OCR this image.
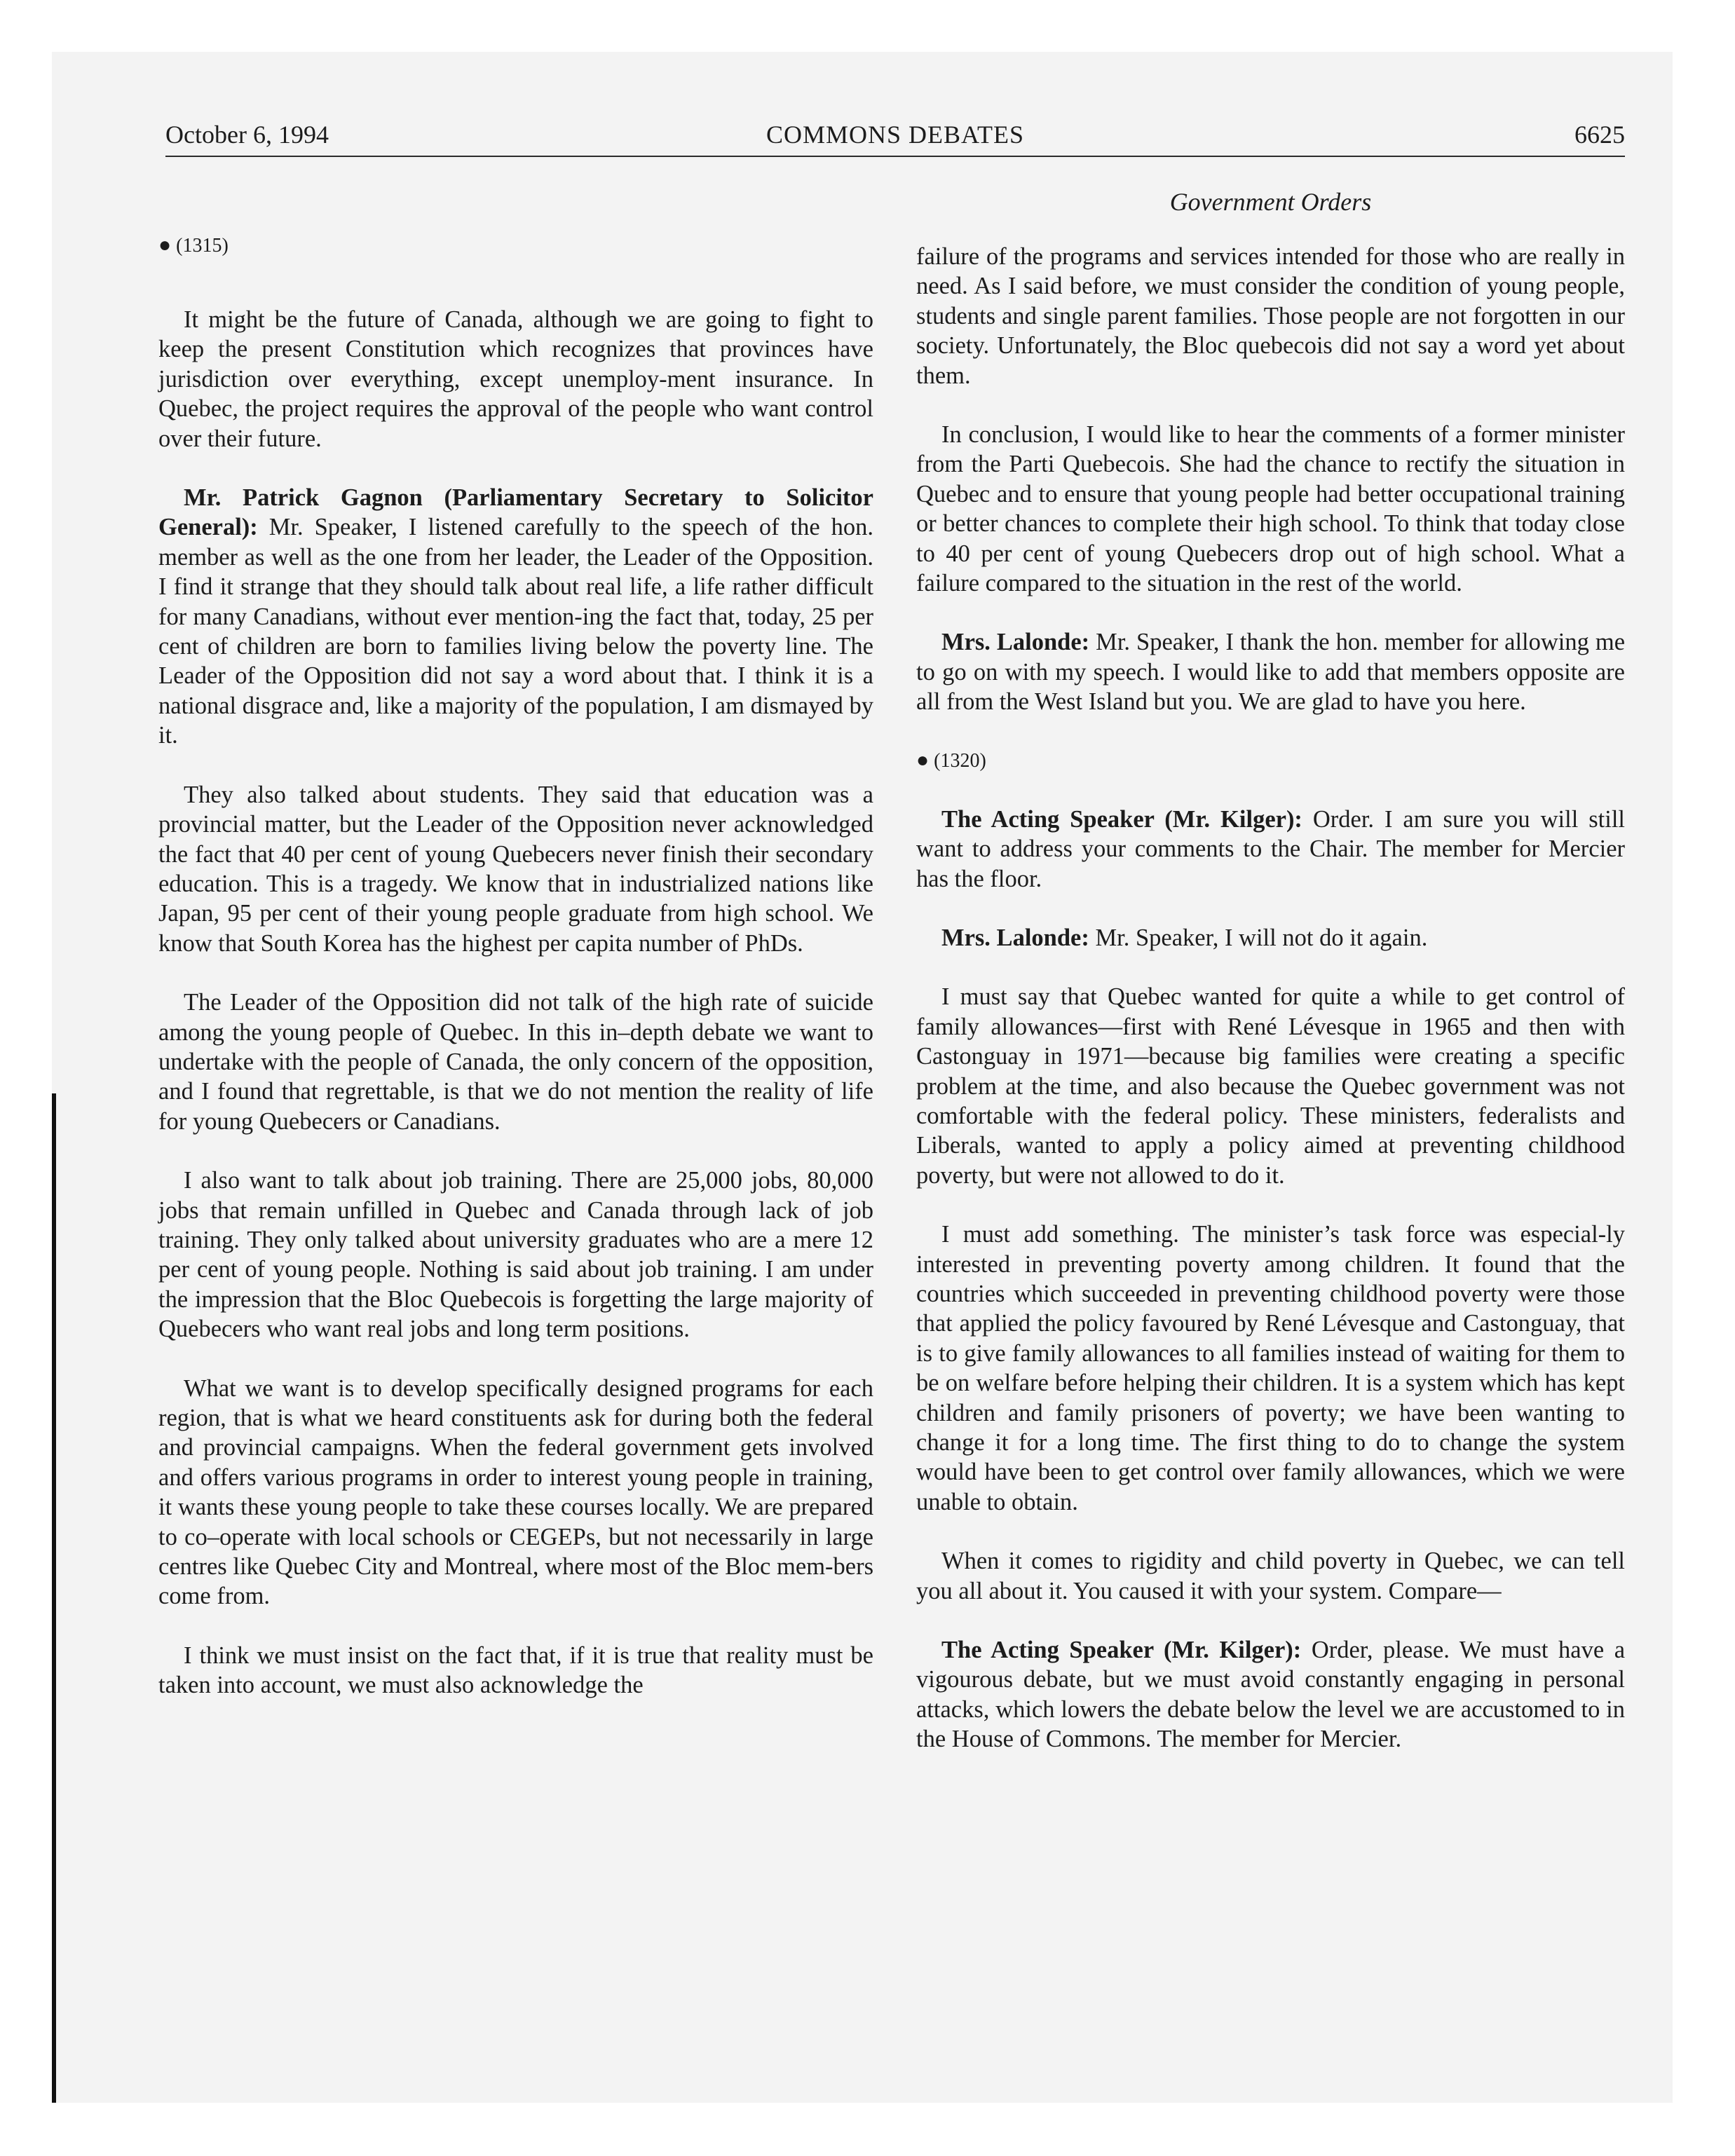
October 6, 1994	COMMONS DEBATES	6625
Government Orders

● (1315)

It might be the future of Canada, although we are going to fight to keep the present Constitution which recognizes that provinces have jurisdiction over everything, except unemploy-ment insurance. In Quebec, the project requires the approval of the people who want control over their future.

Mr. Patrick Gagnon (Parliamentary Secretary to Solicitor General): Mr. Speaker, I listened carefully to the speech of the hon. member as well as the one from her leader, the Leader of the Opposition. I find it strange that they should talk about real life, a life rather difficult for many Canadians, without ever mention-ing the fact that, today, 25 per cent of children are born to families living below the poverty line. The Leader of the Opposition did not say a word about that. I think it is a national disgrace and, like a majority of the population, I am dismayed by it.

They also talked about students. They said that education was a provincial matter, but the Leader of the Opposition never acknowledged the fact that 40 per cent of young Quebecers never finish their secondary education. This is a tragedy. We know that in industrialized nations like Japan, 95 per cent of their young people graduate from high school. We know that South Korea has the highest per capita number of PhDs.

The Leader of the Opposition did not talk of the high rate of suicide among the young people of Quebec. In this in–depth debate we want to undertake with the people of Canada, the only concern of the opposition, and I found that regrettable, is that we do not mention the reality of life for young Quebecers or Canadians.

I also want to talk about job training. There are 25,000 jobs, 80,000 jobs that remain unfilled in Quebec and Canada through lack of job training. They only talked about university graduates who are a mere 12 per cent of young people. Nothing is said about job training. I am under the impression that the Bloc Quebecois is forgetting the large majority of Quebecers who want real jobs and long term positions.

What we want is to develop specifically designed programs for each region, that is what we heard constituents ask for during both the federal and provincial campaigns. When the federal government gets involved and offers various programs in order to interest young people in training, it wants these young people to take these courses locally. We are prepared to co–operate with local schools or CEGEPs, but not necessarily in large centres like Quebec City and Montreal, where most of the Bloc mem-bers come from.

I think we must insist on the fact that, if it is true that reality must be taken into account, we must also acknowledge the

failure of the programs and services intended for those who are really in need. As I said before, we must consider the condition of young people, students and single parent families. Those people are not forgotten in our society. Unfortunately, the Bloc quebecois did not say a word yet about them.

In conclusion, I would like to hear the comments of a former minister from the Parti Quebecois. She had the chance to rectify the situation in Quebec and to ensure that young people had better occupational training or better chances to complete their high school. To think that today close to 40 per cent of young Quebecers drop out of high school. What a failure compared to the situation in the rest of the world.

Mrs. Lalonde: Mr. Speaker, I thank the hon. member for allowing me to go on with my speech. I would like to add that members opposite are all from the West Island but you. We are glad to have you here.

● (1320)

The Acting Speaker (Mr. Kilger): Order. I am sure you will still want to address your comments to the Chair. The member for Mercier has the floor.

Mrs. Lalonde: Mr. Speaker, I will not do it again.

I must say that Quebec wanted for quite a while to get control of family allowances—first with René Lévesque in 1965 and then with Castonguay in 1971—because big families were creating a specific problem at the time, and also because the Quebec government was not comfortable with the federal policy. These ministers, federalists and Liberals, wanted to apply a policy aimed at preventing childhood poverty, but were not allowed to do it.

I must add something. The minister’s task force was especial-ly interested in preventing poverty among children. It found that the countries which succeeded in preventing childhood poverty were those that applied the policy favoured by René Lévesque and Castonguay, that is to give family allowances to all families instead of waiting for them to be on welfare before helping their children. It is a system which has kept children and family prisoners of poverty; we have been wanting to change it for a long time. The first thing to do to change the system would have been to get control over family allowances, which we were unable to obtain.

When it comes to rigidity and child poverty in Quebec, we can tell you all about it. You caused it with your system. Compare—

The Acting Speaker (Mr. Kilger): Order, please. We must have a vigourous debate, but we must avoid constantly engaging in personal attacks, which lowers the debate below the level we are accustomed to in the House of Commons. The member for Mercier.
